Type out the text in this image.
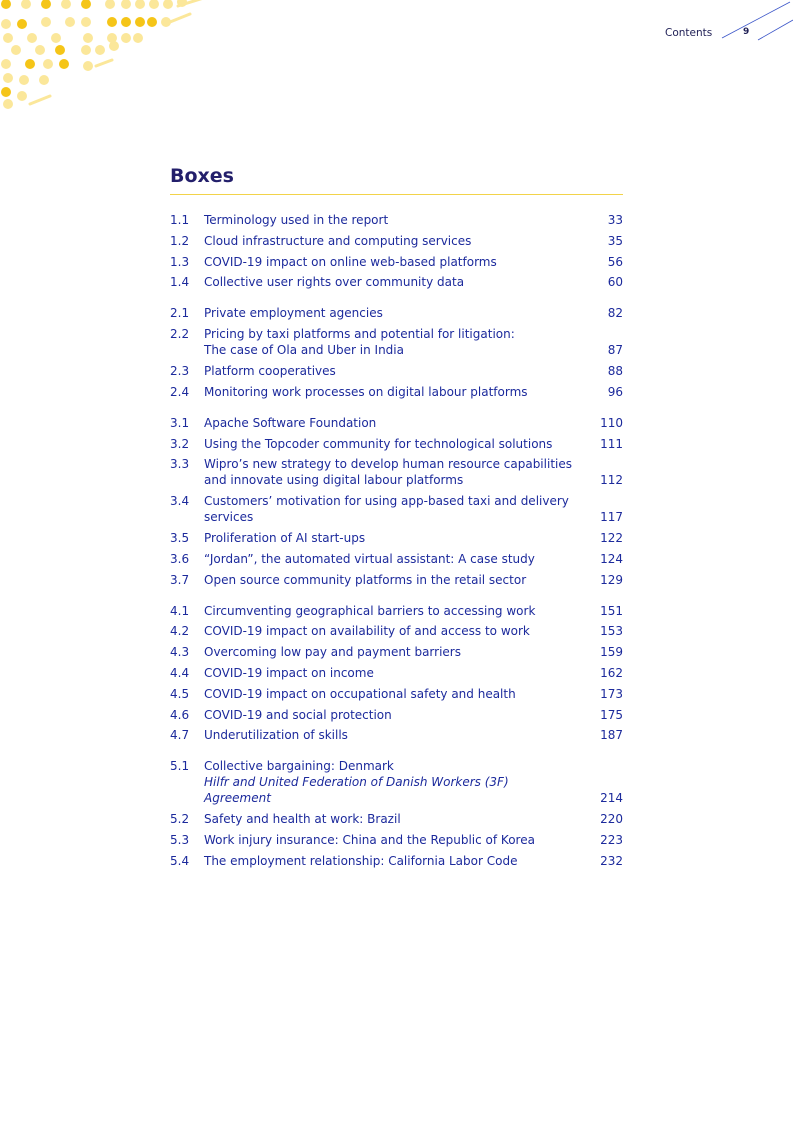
Contents	9
Boxes
1.1	Terminology used in the report	33
1.2	Cloud infrastructure and computing services	35
1.3	COVID-19 impact on online web-based platforms	56
1.4	Collective user rights over community data	60
2.1	Private employment agencies	82
2.2	Pricing by taxi platforms and potential for litigation:
The case of Ola and Uber in India	87
2.3	Platform cooperatives	88
2.4	Monitoring work processes on digital labour platforms	96
3.1	Apache Software Foundation	110
3.2	Using the Topcoder community for technological solutions	111
3.3	Wipro’s new strategy to develop human resource capabilities
and innovate using digital labour platforms	112
3.4	Customers’ motivation for using app-based taxi and delivery services	117
3.5	Proliferation of AI start-ups	122
3.6	“Jordan”, the automated virtual assistant: A case study	124
3.7	Open source community platforms in the retail sector	129
4.1	Circumventing geographical barriers to accessing work	151
4.2	COVID-19 impact on availability of and access to work	153
4.3	Overcoming low pay and payment barriers	159
4.4	COVID-19 impact on income	162
4.5	COVID-19 impact on occupational safety and health	173
4.6	COVID-19 and social protection	175
4.7	Underutilization of skills	187
5.1	Collective bargaining: Denmark
Hilfr and United Federation of Danish Workers (3F) Agreement	214
5.2	Safety and health at work: Brazil	220
5.3	Work injury insurance: China and the Republic of Korea	223
5.4	The employment relationship: California Labor Code	232
